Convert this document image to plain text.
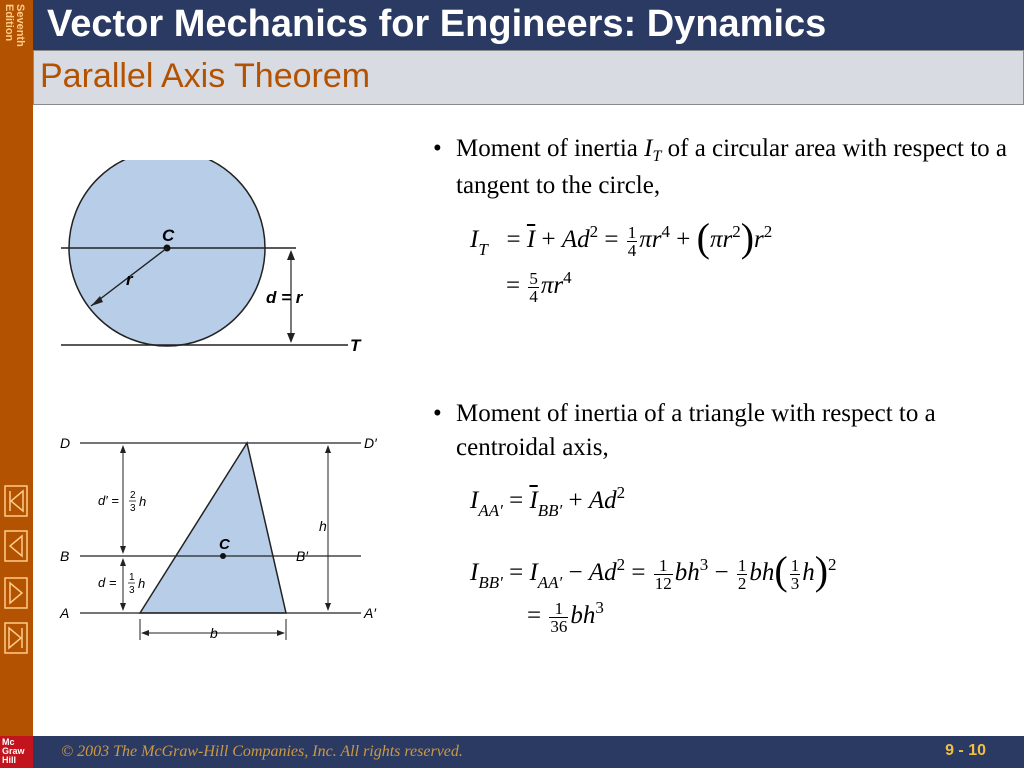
Seventh
Edition
Mc
Graw
Hill
Vector Mechanics for Engineers: Dynamics
Parallel Axis Theorem
C
r
d = r
T
D	D′
B	B′
A	A′
C
d′ = 2
3 h
d = 1
3 h
h
b
• Moment of inertia $I_T$ of a circular area with respect to a tangent to the circle,
$I_T = \overline{I} + Ad^2 = \frac{1}{4} \pi r^4 + (\pi r^2)r^2$
= $\frac{5}{4} \pi r^4$
• Moment of inertia of a triangle with respect to a centroidal axis,
$I_{AA'} = \overline{I}_{BB'} + Ad^2$
$I_{BB'} = I_{AA'} - Ad^2 = \frac{1}{12} bh^3 - \frac{1}{2} bh( \frac{1}{3} h)^2$
= $\frac{1}{36} bh^3$
© 2003 The McGraw-Hill Companies, Inc. All rights reserved.	9 - 10
